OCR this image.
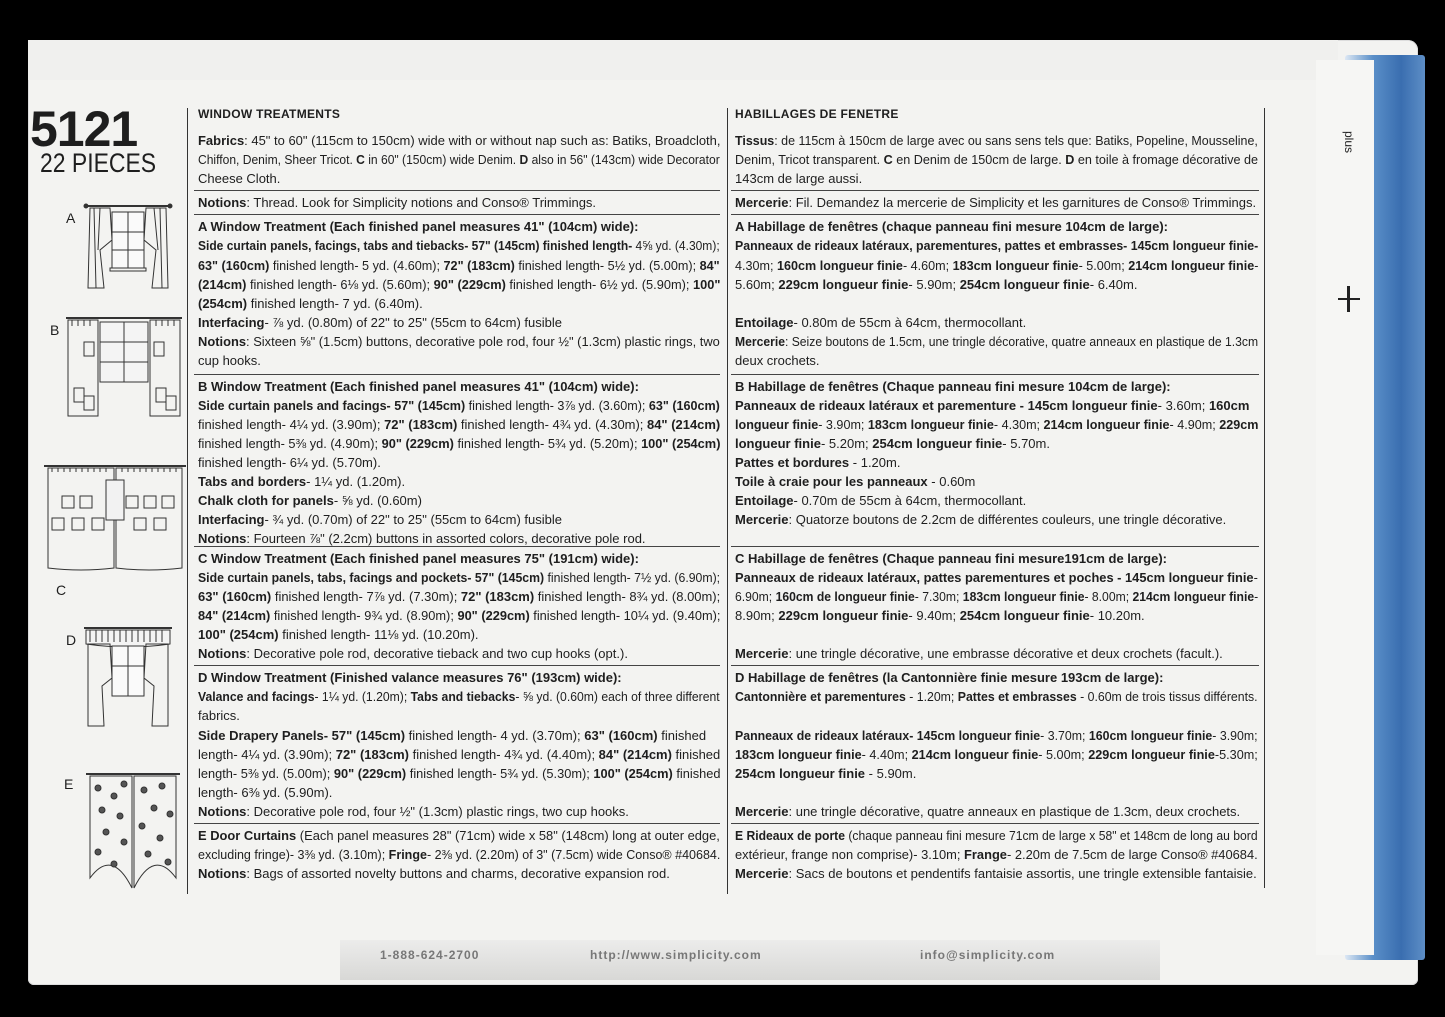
plus
1-888-624-2700	http://www.simplicity.com	info@simplicity.com
5121
22 PIECES
A
B
C
D
E
WINDOW TREATMENTS
Fabrics: 45" to 60" (115cm to 150cm) wide with or without nap such as: Batiks, Broadcloth,
Chiffon, Denim, Sheer Tricot. C in 60" (150cm) wide Denim. D also in 56" (143cm) wide Decorator
Cheese Cloth.
Notions: Thread. Look for Simplicity notions and Conso® Trimmings.
A Window Treatment (Each finished panel measures 41" (104cm) wide):
Side curtain panels, facings, tabs and tiebacks- 57" (145cm) finished length- 4⅝ yd. (4.30m);
63" (160cm) finished length- 5 yd. (4.60m); 72" (183cm) finished length- 5½ yd. (5.00m); 84"
(214cm) finished length- 6⅛ yd. (5.60m); 90" (229cm) finished length- 6½ yd. (5.90m); 100"
(254cm) finished length- 7 yd. (6.40m).
Interfacing- ⅞ yd. (0.80m) of 22" to 25" (55cm to 64cm) fusible
Notions: Sixteen ⅝" (1.5cm) buttons, decorative pole rod, four ½" (1.3cm) plastic rings, two
cup hooks.
B Window Treatment (Each finished panel measures 41" (104cm) wide):
Side curtain panels and facings- 57" (145cm) finished length- 3⅞ yd. (3.60m); 63" (160cm)
finished length- 4¼ yd. (3.90m); 72" (183cm) finished length- 4¾ yd. (4.30m); 84" (214cm)
finished length- 5⅜ yd. (4.90m); 90" (229cm) finished length- 5¾ yd. (5.20m); 100" (254cm)
finished length- 6¼ yd. (5.70m).
Tabs and borders- 1¼ yd. (1.20m).
Chalk cloth for panels- ⅝ yd. (0.60m)
Interfacing- ¾ yd. (0.70m) of 22" to 25" (55cm to 64cm) fusible
Notions: Fourteen ⅞" (2.2cm) buttons in assorted colors, decorative pole rod.
C Window Treatment (Each finished panel measures 75" (191cm) wide):
Side curtain panels, tabs, facings and pockets- 57" (145cm) finished length- 7½ yd. (6.90m);
63" (160cm) finished length- 7⅞ yd. (7.30m); 72" (183cm) finished length- 8¾ yd. (8.00m);
84" (214cm) finished length- 9¾ yd. (8.90m); 90" (229cm) finished length- 10¼ yd. (9.40m);
100" (254cm) finished length- 11⅛ yd. (10.20m).
Notions: Decorative pole rod, decorative tieback and two cup hooks (opt.).
D Window Treatment (Finished valance measures 76" (193cm) wide):
Valance and facings- 1¼ yd. (1.20m); Tabs and tiebacks- ⅝ yd. (0.60m) each of three different
fabrics.
Side Drapery Panels- 57" (145cm) finished length- 4 yd. (3.70m); 63" (160cm) finished
length- 4¼ yd. (3.90m); 72" (183cm) finished length- 4¾ yd. (4.40m); 84" (214cm) finished
length- 5⅜ yd. (5.00m); 90" (229cm) finished length- 5¾ yd. (5.30m); 100" (254cm) finished
length- 6⅜ yd. (5.90m).
Notions: Decorative pole rod, four ½" (1.3cm) plastic rings, two cup hooks.
E Door Curtains (Each panel measures 28" (71cm) wide x 58" (148cm) long at outer edge,
excluding fringe)- 3⅜ yd. (3.10m); Fringe- 2⅜ yd. (2.20m) of 3" (7.5cm) wide Conso® #40684.
Notions: Bags of assorted novelty buttons and charms, decorative expansion rod.
HABILLAGES DE FENETRE
Tissus: de 115cm à 150cm de large avec ou sans sens tels que: Batiks, Popeline, Mousseline,
Denim, Tricot transparent. C en Denim de 150cm de large. D en toile à fromage décorative de
143cm de large aussi.
Mercerie: Fil. Demandez la mercerie de Simplicity et les garnitures de Conso® Trimmings.
A Habillage de fenêtres (chaque panneau fini mesure 104cm de large):
Panneaux de rideaux latéraux, parementures, pattes et embrasses- 145cm longueur finie-
4.30m; 160cm longueur finie- 4.60m; 183cm longueur finie- 5.00m; 214cm longueur finie-
5.60m; 229cm longueur finie- 5.90m; 254cm longueur finie- 6.40m.
Entoilage- 0.80m de 55cm à 64cm, thermocollant.
Mercerie: Seize boutons de 1.5cm, une tringle décorative, quatre anneaux en plastique de 1.3cm
deux crochets.
B Habillage de fenêtres (Chaque panneau fini mesure 104cm de large):
Panneaux de rideaux latéraux et parementure - 145cm longueur finie- 3.60m; 160cm
longueur finie- 3.90m; 183cm longueur finie- 4.30m; 214cm longueur finie- 4.90m; 229cm
longueur finie- 5.20m; 254cm longueur finie- 5.70m.
Pattes et bordures - 1.20m.
Toile à craie pour les panneaux - 0.60m
Entoilage- 0.70m de 55cm à 64cm, thermocollant.
Mercerie: Quatorze boutons de 2.2cm de différentes couleurs, une tringle décorative.
C Habillage de fenêtres (Chaque panneau fini mesure191cm de large):
Panneaux de rideaux latéraux, pattes parementures et poches - 145cm longueur finie-
6.90m; 160cm de longueur finie- 7.30m; 183cm longueur finie- 8.00m; 214cm longueur finie-
8.90m; 229cm longueur finie- 9.40m; 254cm longueur finie- 10.20m.
Mercerie: une tringle décorative, une embrasse décorative et deux crochets (facult.).
D Habillage de fenêtres (la Cantonnière finie mesure 193cm de large):
Cantonnière et parementures - 1.20m; Pattes et embrasses - 0.60m de trois tissus différents.
Panneaux de rideaux latéraux- 145cm longueur finie- 3.70m; 160cm longueur finie- 3.90m;
183cm longueur finie- 4.40m; 214cm longueur finie- 5.00m; 229cm longueur finie-5.30m;
254cm longueur finie - 5.90m.
Mercerie: une tringle décorative, quatre anneaux en plastique de 1.3cm, deux crochets.
E Rideaux de porte (chaque panneau fini mesure 71cm de large x 58" et 148cm de long au bord
extérieur, frange non comprise)- 3.10m; Frange- 2.20m de 7.5cm de large Conso® #40684.
Mercerie: Sacs de boutons et pendentifs fantaisie assortis, une tringle extensible fantaisie.
